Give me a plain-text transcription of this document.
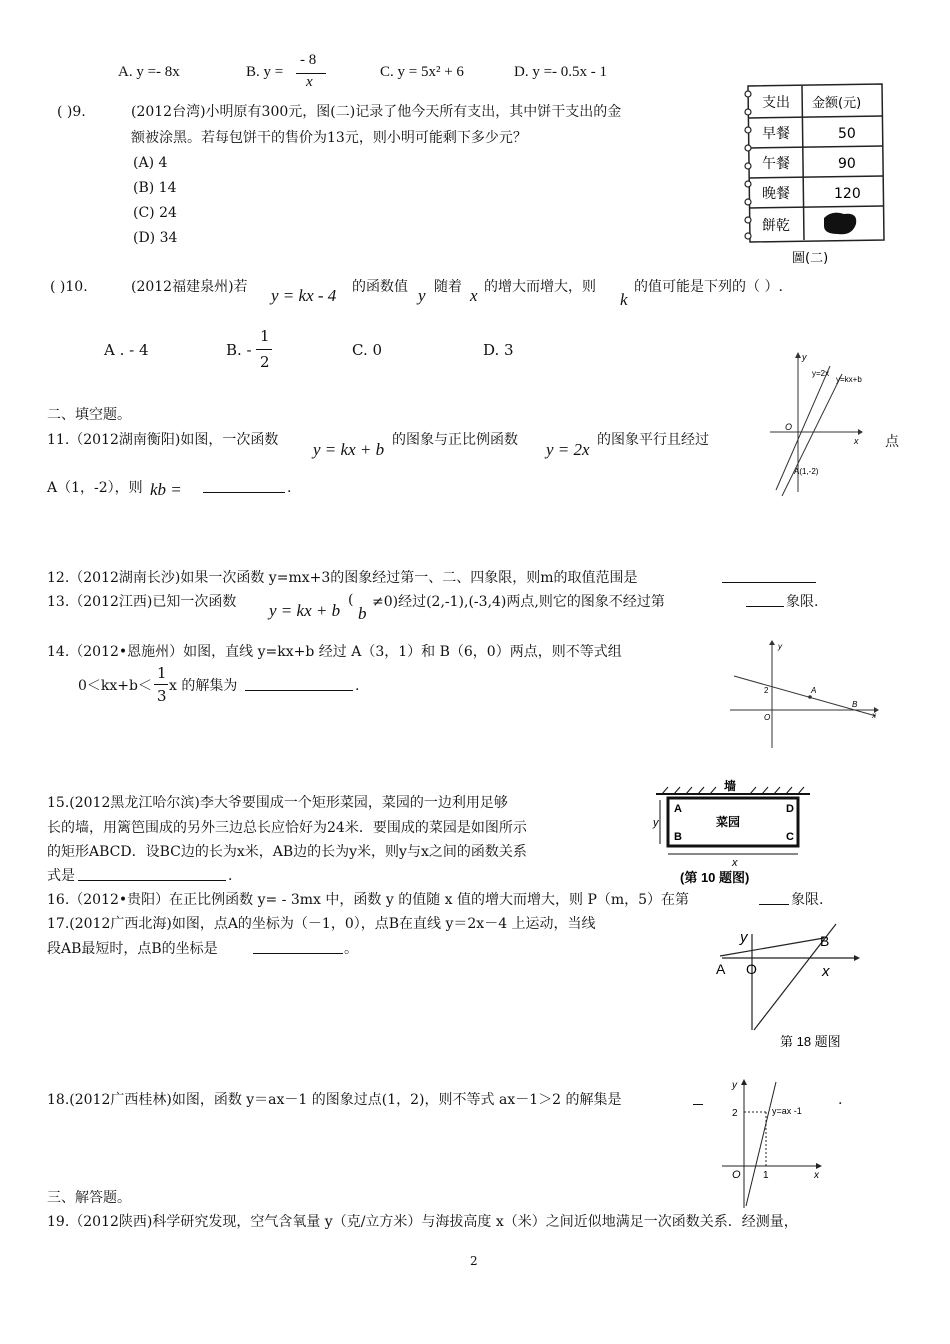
A. y =- 8x	B. y =
- 8
x
C. y = 5x² + 6	D. y =- 0.5x - 1
( )9.	(2012台湾)小明原有300元，图(二)记录了他今天所有支出，其中饼干支出的金
额被涂黑。若每包饼干的售价为13元，则小明可能剩下多少元？
(A) 4
(B) 14
(C) 24
(D) 34
支出 金额(元)
早餐	50
午餐	90
晚餐	120
餅乾
圖(二)
( )10.	(2012福建泉州)若 y = kx - 4 的函数值 y 随着 x 的增大而增大，则
k
的值可能是下列的（ ）.
A . - 4	B. -
1
2
C. 0	D. 3	y
x
O
y=2x
y=kx+b
A(1,-2)
二、填空题。
11.（2012湖南衡阳)如图，一次函数 y = kx + b 的图象与正比例函数 y = 2x 的图象平行且经过	点
A（1，-2），则 kb =	.
12.（2012湖南长沙)如果一次函数 y=mx+3的图象经过第一、二、四象限，则m的取值范围是
13.（2012江西)已知一次函数 y = kx + b
(
b
≠0)经过(2,-1),(-3,4)两点,则它的图象不经过第	象限.
14.（2012•恩施州）如图，直线 y=kx+b 经过 A（3，1）和 B（6，0）两点，则不等式组
0＜kx+b＜
1
3
x 的解集为	.
y
x
O
2	A
B
15.(2012黑龙江哈尔滨)李大爷要围成一个矩形菜园，菜园的一边利用足够
长的墙，用篱笆围成的另外三边总长应恰好为24米．要围成的菜园是如图所示
的矩形ABCD．设BC边的长为x米，AB边的长为y米，则y与x之间的函数关系
式是	.
墙
A
B	C
D
菜园
y
x
(第 10 题图)
16.（2012•贵阳）在正比例函数 y= - 3mx 中，函数 y 的值随 x 值的增大而增大，则 P（m，5）在第	象限.
17.(2012广西北海)如图，点A的坐标为（－1，0），点B在直线 y＝2x－4 上运动，当线
段AB最短时，点B的坐标是	。
y
x
A O
B
第 18 题图
18.(2012广西桂林)如图，函数 y＝ax－1 的图象过点(1，2)，则不等式 ax－1＞2 的解集是	.
y
x
O
2
1
y=ax -1
三、解答题。
19.（2012陕西)科学研究发现，空气含氧量 y（克/立方米）与海拔高度 x（米）之间近似地满足一次函数关系．经测量，
2
